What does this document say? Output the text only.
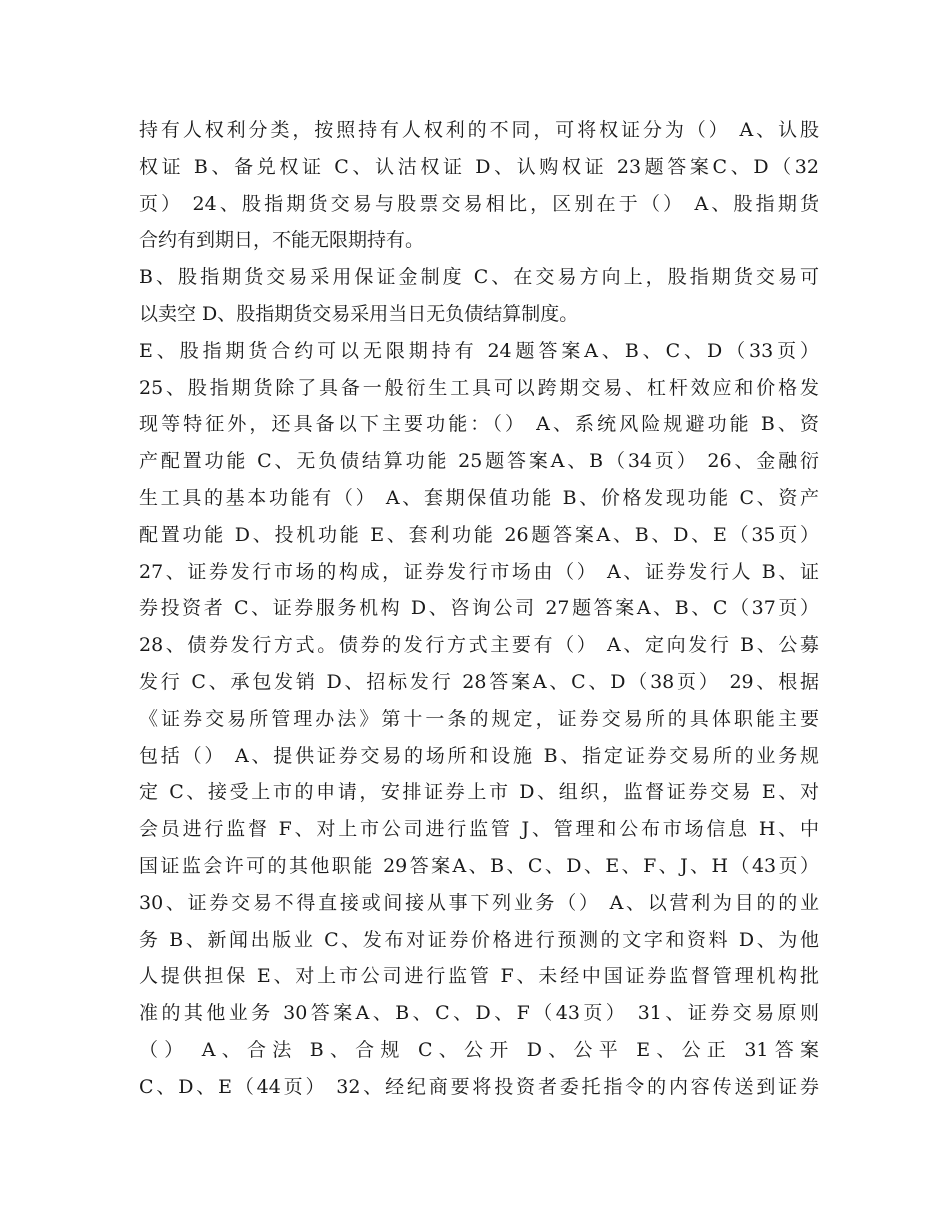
持有人权利分类，按照持有人权利的不同，可将权证分为（） A、认股
权证 B、备兑权证 C、认沽权证 D、认购权证 23题答案C、D（32
页） 24、股指期货交易与股票交易相比，区别在于（） A、股指期货
合约有到期日，不能无限期持有。
B、股指期货交易采用保证金制度 C、在交易方向上，股指期货交易可
以卖空 D、股指期货交易采用当日无负债结算制度。
E、股指期货合约可以无限期持有 24题答案A、B、C、D（33页）
25、股指期货除了具备一般衍生工具可以跨期交易、杠杆效应和价格发
现等特征外，还具备以下主要功能：（） A、系统风险规避功能 B、资
产配置功能 C、无负债结算功能 25题答案A、B（34页） 26、金融衍
生工具的基本功能有（） A、套期保值功能 B、价格发现功能 C、资产
配置功能 D、投机功能 E、套利功能 26题答案A、B、D、E（35页）
27、证券发行市场的构成，证券发行市场由（） A、证券发行人 B、证
券投资者 C、证券服务机构 D、咨询公司 27题答案A、B、C（37页）
28、债券发行方式。债券的发行方式主要有（） A、定向发行 B、公募
发行 C、承包发销 D、招标发行 28答案A、C、D（38页） 29、根据
《证券交易所管理办法》第十一条的规定，证券交易所的具体职能主要
包括（） A、提供证券交易的场所和设施 B、指定证券交易所的业务规
定 C、接受上市的申请，安排证券上市 D、组织，监督证券交易 E、对
会员进行监督 F、对上市公司进行监管 J、管理和公布市场信息 H、中
国证监会许可的其他职能 29答案A、B、C、D、E、F、J、H（43页）
30、证券交易不得直接或间接从事下列业务（） A、以营利为目的的业
务 B、新闻出版业 C、发布对证券价格进行预测的文字和资料 D、为他
人提供担保 E、对上市公司进行监管 F、未经中国证券监督管理机构批
准的其他业务 30答案A、B、C、D、F（43页） 31、证券交易原则
（） A、合法 B、合规 C、公开 D、公平 E、公正 31答案
C、D、E（44页） 32、经纪商要将投资者委托指令的内容传送到证券
